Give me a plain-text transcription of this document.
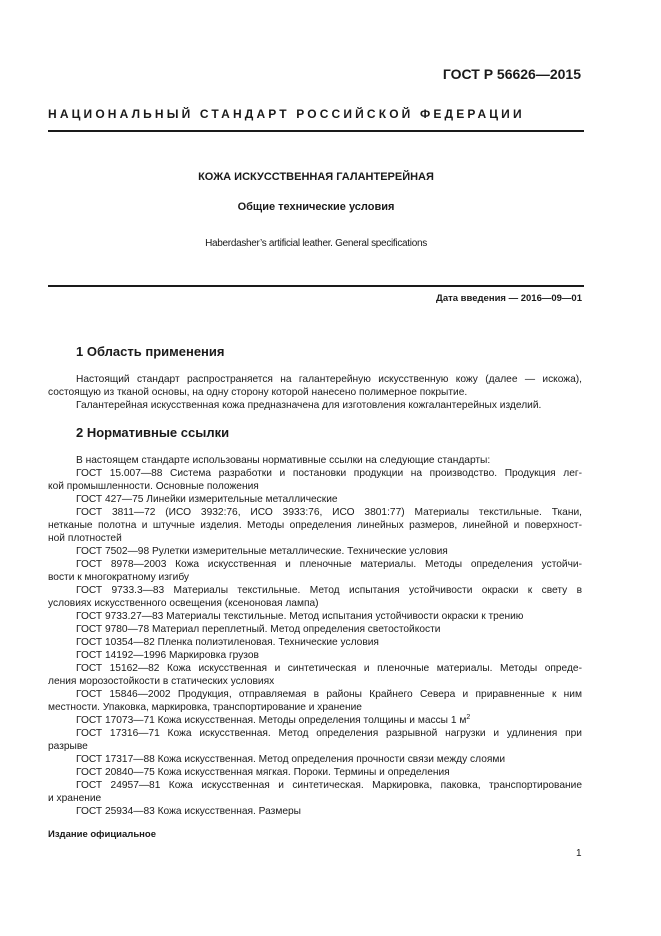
ГОСТ Р 56626—2015
НАЦИОНАЛЬНЫЙ СТАНДАРТ РОССИЙСКОЙ ФЕДЕРАЦИИ
КОЖА ИСКУССТВЕННАЯ ГАЛАНТЕРЕЙНАЯ
Общие технические условия
Haberdasher’s artificial leather. General specifications
Дата введения — 2016—09—01
1 Область применения
Настоящий стандарт распространяется на галантерейную искусственную кожу (далее — искожа),
состоящую из тканой основы, на одну сторону которой нанесено полимерное покрытие.
Галантерейная искусственная кожа предназначена для изготовления кожгалантерейных изделий.
2 Нормативные ссылки
В настоящем стандарте использованы нормативные ссылки на следующие стандарты:
ГОСТ 15.007—88 Система разработки и постановки продукции на производство. Продукция лег-
кой промышленности. Основные положения
ГОСТ 427—75 Линейки измерительные металлические
ГОСТ 3811—72 (ИСО 3932:76, ИСО 3933:76, ИСО 3801:77) Материалы текстильные. Ткани,
нетканые полотна и штучные изделия. Методы определения линейных размеров, линейной и поверхност-
ной плотностей
ГОСТ 7502—98 Рулетки измерительные металлические. Технические условия
ГОСТ 8978—2003 Кожа искусственная и пленочные материалы. Методы определения устойчи-
вости к многократному изгибу
ГОСТ 9733.3—83 Материалы текстильные. Метод испытания устойчивости окраски к свету в
условиях искусственного освещения (ксеноновая лампа)
ГОСТ 9733.27—83 Материалы текстильные. Метод испытания устойчивости окраски к трению
ГОСТ 9780—78 Материал переплетный. Метод определения светостойкости
ГОСТ 10354—82 Пленка полиэтиленовая. Технические условия
ГОСТ 14192—1996 Маркировка грузов
ГОСТ 15162—82 Кожа искусственная и синтетическая и пленочные материалы. Методы опреде-
ления морозостойкости в статических условиях
ГОСТ 15846—2002 Продукция, отправляемая в районы Крайнего Севера и приравненные к ним
местности. Упаковка, маркировка, транспортирование и хранение
ГОСТ 17073—71 Кожа искусственная. Методы определения толщины и массы 1 $м^2$
ГОСТ 17316—71 Кожа искусственная. Метод определения разрывной нагрузки и удлинения при
разрыве
ГОСТ 17317—88 Кожа искусственная. Метод определения прочности связи между слоями
ГОСТ 20840—75 Кожа искусственная мягкая. Пороки. Термины и определения
ГОСТ 24957—81 Кожа искусственная и синтетическая. Маркировка, паковка, транспортирование
и хранение
ГОСТ 25934—83 Кожа искусственная. Размеры
Издание официальное
1
